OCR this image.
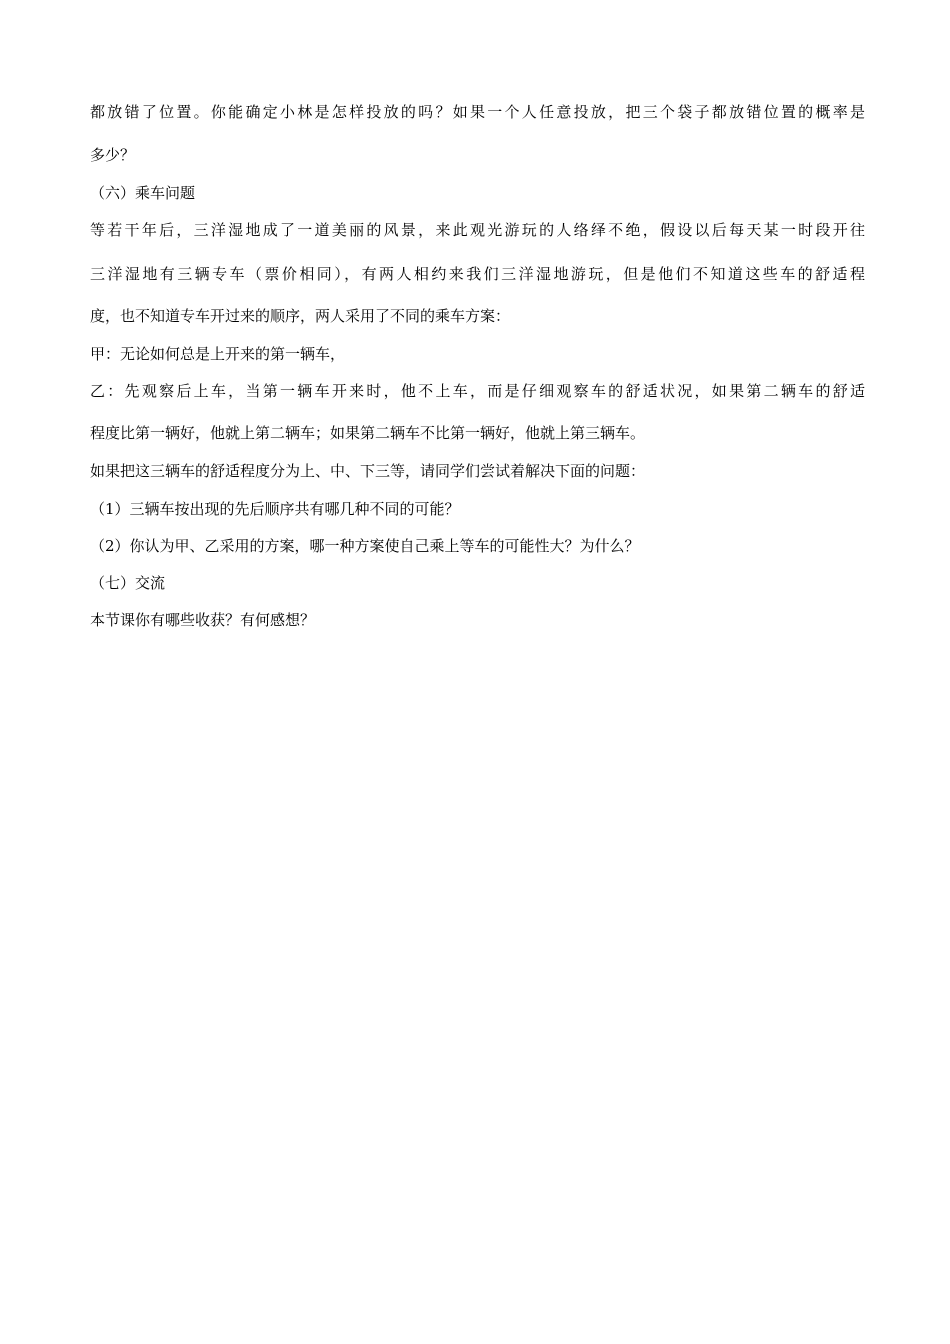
都放错了位置。你能确定小林是怎样投放的吗？如果一个人任意投放，把三个袋子都放错位置的概率是
多少？
（六）乘车问题
等若干年后，三洋湿地成了一道美丽的风景，来此观光游玩的人络绎不绝，假设以后每天某一时段开往
三洋湿地有三辆专车（票价相同），有两人相约来我们三洋湿地游玩，但是他们不知道这些车的舒适程
度，也不知道专车开过来的顺序，两人采用了不同的乘车方案：
甲：无论如何总是上开来的第一辆车，
乙：先观察后上车，当第一辆车开来时，他不上车，而是仔细观察车的舒适状况，如果第二辆车的舒适
程度比第一辆好，他就上第二辆车；如果第二辆车不比第一辆好，他就上第三辆车。
如果把这三辆车的舒适程度分为上、中、下三等，请同学们尝试着解决下面的问题：
（1）三辆车按出现的先后顺序共有哪几种不同的可能？
（2）你认为甲、乙采用的方案，哪一种方案使自己乘上等车的可能性大？为什么？
（七）交流
本节课你有哪些收获？有何感想？
